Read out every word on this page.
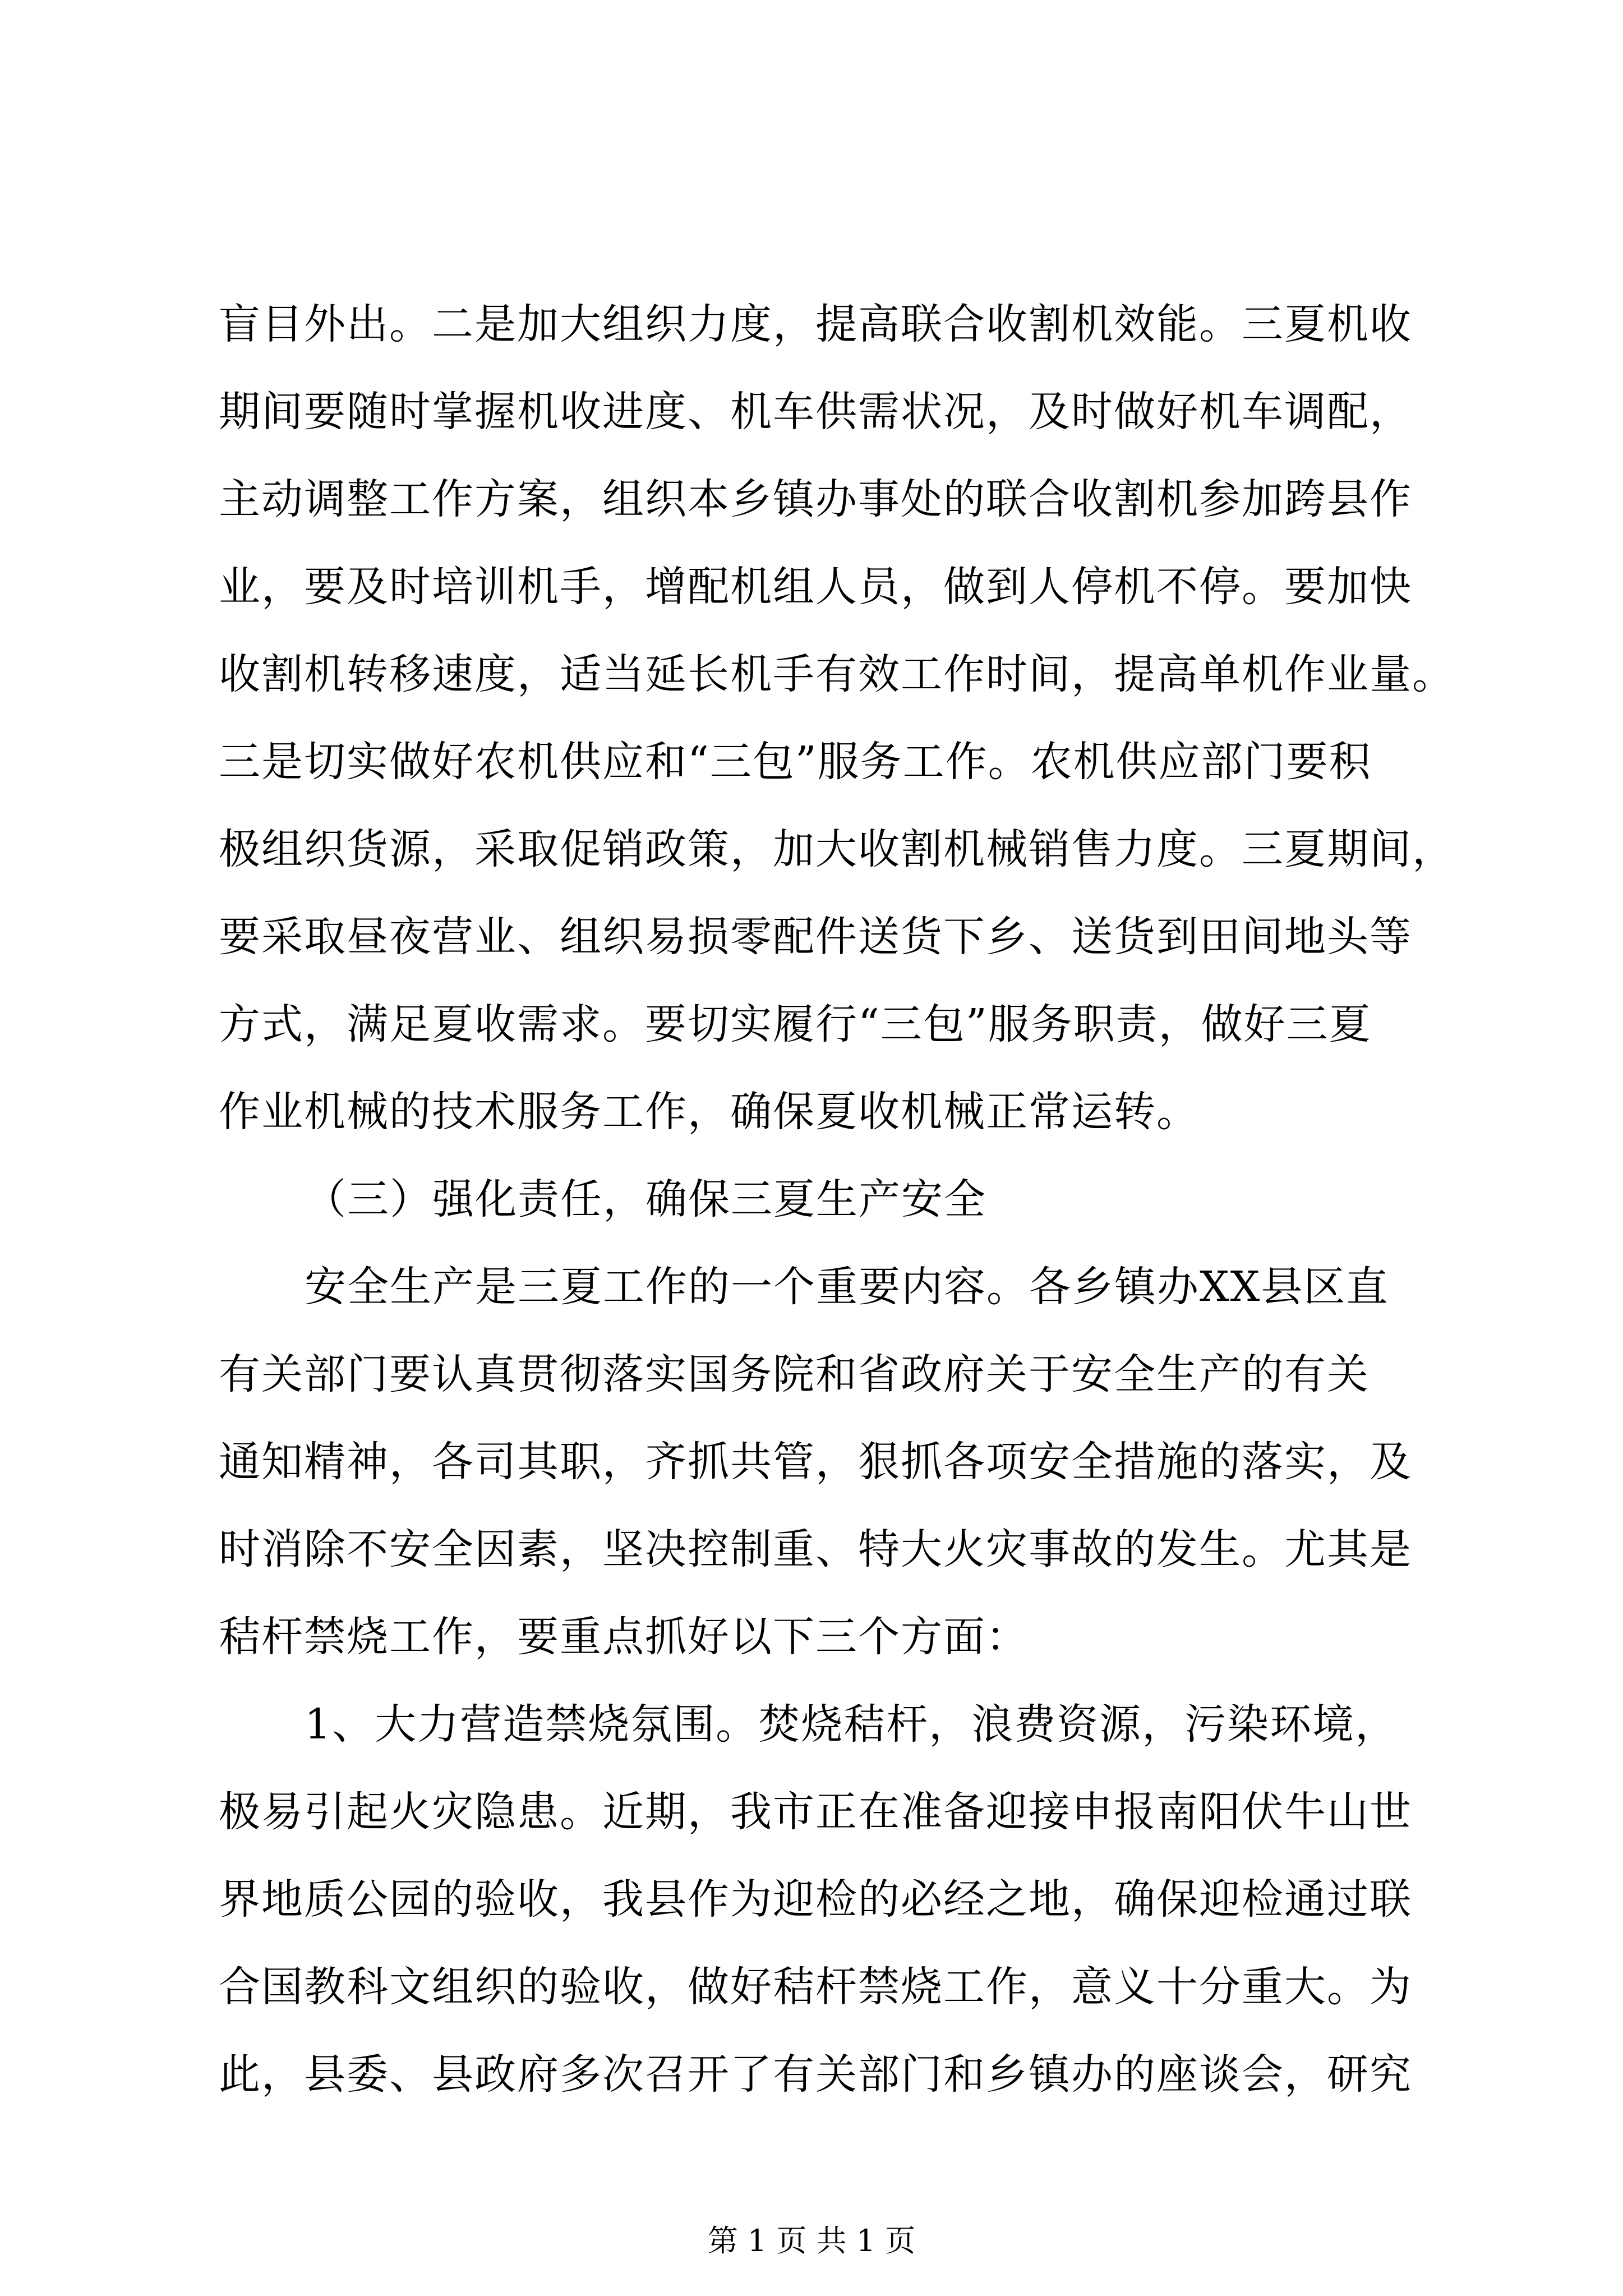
盲目外出。二是加大组织力度，提高联合收割机效能。三夏机收
期间要随时掌握机收进度、机车供需状况，及时做好机车调配，
主动调整工作方案，组织本乡镇办事处的联合收割机参加跨县作
业，要及时培训机手，增配机组人员，做到人停机不停。要加快
收割机转移速度，适当延长机手有效工作时间，提高单机作业量。
三是切实做好农机供应和“三包”服务工作。农机供应部门要积
极组织货源，采取促销政策，加大收割机械销售力度。三夏期间，
要采取昼夜营业、组织易损零配件送货下乡、送货到田间地头等
方式，满足夏收需求。要切实履行“三包”服务职责，做好三夏
作业机械的技术服务工作，确保夏收机械正常运转。
（三）强化责任，确保三夏生产安全
安全生产是三夏工作的一个重要内容。各乡镇办XX县区直
有关部门要认真贯彻落实国务院和省政府关于安全生产的有关
通知精神，各司其职，齐抓共管，狠抓各项安全措施的落实，及
时消除不安全因素，坚决控制重、特大火灾事故的发生。尤其是
秸杆禁烧工作，要重点抓好以下三个方面：
1、大力营造禁烧氛围。焚烧秸杆，浪费资源，污染环境，
极易引起火灾隐患。近期，我市正在准备迎接申报南阳伏牛山世
界地质公园的验收，我县作为迎检的必经之地，确保迎检通过联
合国教科文组织的验收，做好秸杆禁烧工作，意义十分重大。为
此，县委、县政府多次召开了有关部门和乡镇办的座谈会，研究
第 1 页 共 1 页
